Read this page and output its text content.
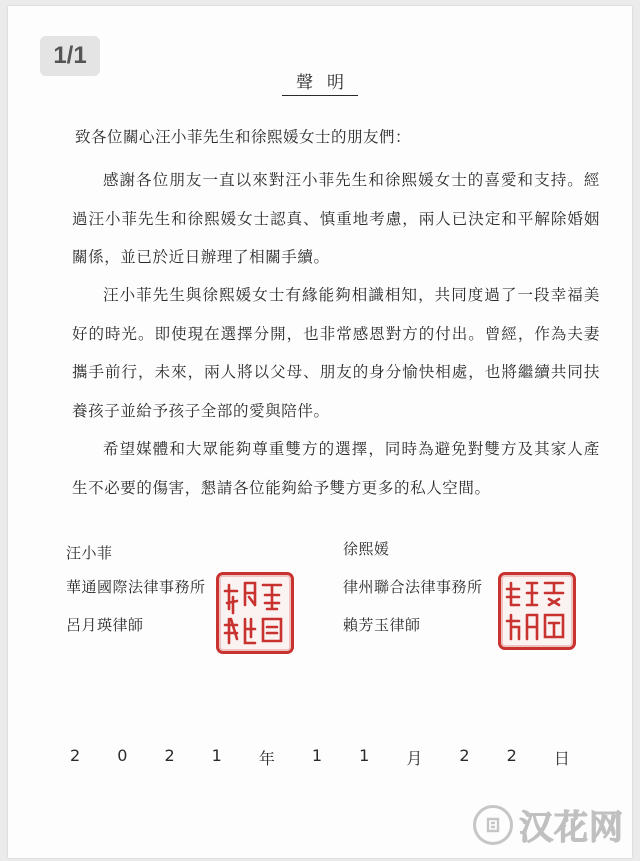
1/1
聲明
致各位關心汪小菲先生和徐熙媛女士的朋友們：

感謝各位朋友一直以來對汪小菲先生和徐熙媛女士的喜愛和支持。經過汪小菲先生和徐熙媛女士認真、慎重地考慮，兩人已決定和平解除婚姻關係，並已於近日辦理了相關手續。

汪小菲先生與徐熙媛女士有緣能夠相識相知，共同度過了一段幸福美好的時光。即使現在選擇分開，也非常感恩對方的付出。曾經，作為夫妻攜手前行，未來，兩人將以父母、朋友的身分愉快相處，也將繼續共同扶養孩子並給予孩子全部的愛與陪伴。

希望媒體和大眾能夠尊重雙方的選擇，同時為避免對雙方及其家人產生不必要的傷害，懇請各位能夠給予雙方更多的私人空間。

汪小菲
華通國際法律事務所
呂月瑛律師
徐熙媛
律州聯合法律事務所
賴芳玉律師
2 0 2 1 年 1 1 月 2 2 日
汉花网
